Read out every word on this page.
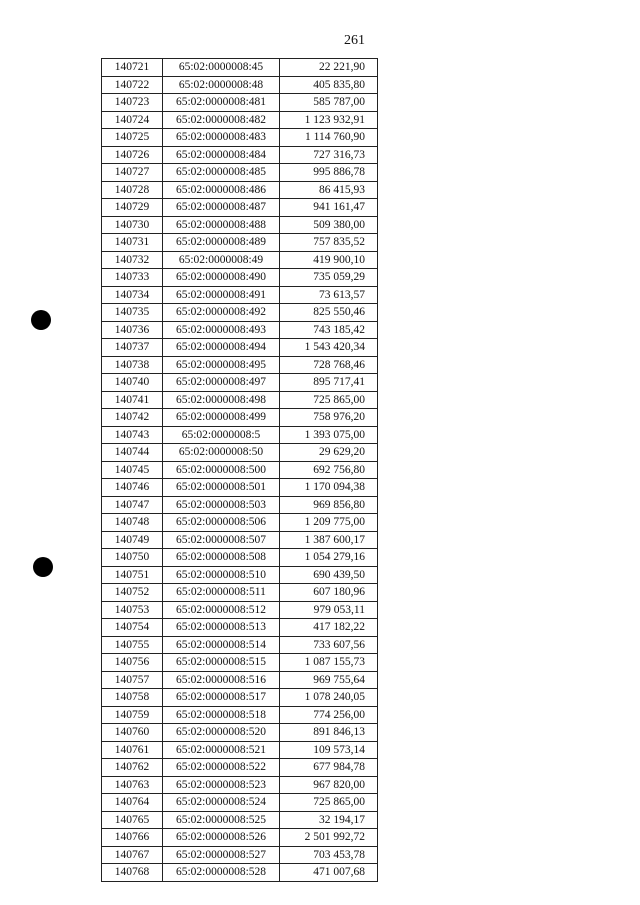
261
140721	65:02:0000008:45	22 221,90
140722	65:02:0000008:48	405 835,80
140723	65:02:0000008:481	585 787,00
140724	65:02:0000008:482	1 123 932,91
140725	65:02:0000008:483	1 114 760,90
140726	65:02:0000008:484	727 316,73
140727	65:02:0000008:485	995 886,78
140728	65:02:0000008:486	86 415,93
140729	65:02:0000008:487	941 161,47
140730	65:02:0000008:488	509 380,00
140731	65:02:0000008:489	757 835,52
140732	65:02:0000008:49	419 900,10
140733	65:02:0000008:490	735 059,29
140734	65:02:0000008:491	73 613,57
140735	65:02:0000008:492	825 550,46
140736	65:02:0000008:493	743 185,42
140737	65:02:0000008:494	1 543 420,34
140738	65:02:0000008:495	728 768,46
140740	65:02:0000008:497	895 717,41
140741	65:02:0000008:498	725 865,00
140742	65:02:0000008:499	758 976,20
140743	65:02:0000008:5	1 393 075,00
140744	65:02:0000008:50	29 629,20
140745	65:02:0000008:500	692 756,80
140746	65:02:0000008:501	1 170 094,38
140747	65:02:0000008:503	969 856,80
140748	65:02:0000008:506	1 209 775,00
140749	65:02:0000008:507	1 387 600,17
140750	65:02:0000008:508	1 054 279,16
140751	65:02:0000008:510	690 439,50
140752	65:02:0000008:511	607 180,96
140753	65:02:0000008:512	979 053,11
140754	65:02:0000008:513	417 182,22
140755	65:02:0000008:514	733 607,56
140756	65:02:0000008:515	1 087 155,73
140757	65:02:0000008:516	969 755,64
140758	65:02:0000008:517	1 078 240,05
140759	65:02:0000008:518	774 256,00
140760	65:02:0000008:520	891 846,13
140761	65:02:0000008:521	109 573,14
140762	65:02:0000008:522	677 984,78
140763	65:02:0000008:523	967 820,00
140764	65:02:0000008:524	725 865,00
140765	65:02:0000008:525	32 194,17
140766	65:02:0000008:526	2 501 992,72
140767	65:02:0000008:527	703 453,78
140768	65:02:0000008:528	471 007,68
